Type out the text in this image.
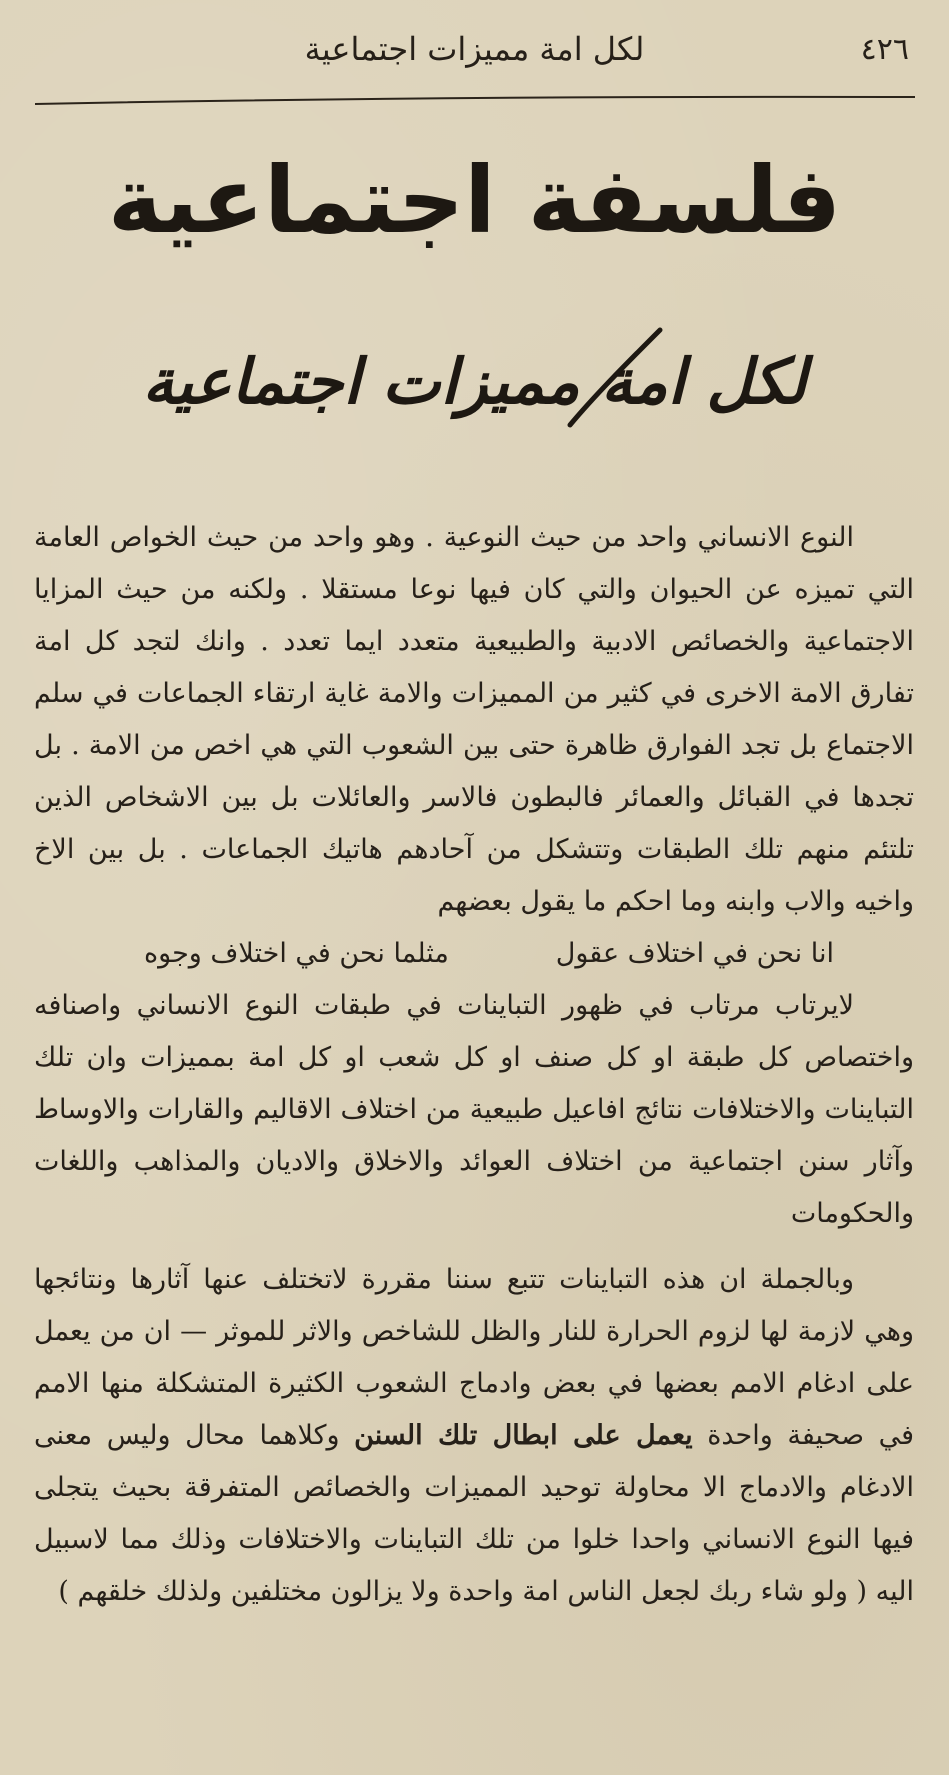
٤٢٦
لكل امة مميزات اجتماعية
فلسفة اجتماعية
لكل امة مميزات اجتماعية

النوع الانساني واحد من حيث النوعية . وهو واحد من حيث الخواص العامة التي تميزه عن الحيوان والتي كان فيها نوعا مستقلا . ولكنه من حيث المزايا الاجتماعية والخصائص الادبية والطبيعية متعدد ايما تعدد . وانك لتجد كل امة تفارق الامة الاخرى في كثير من المميزات والامة غاية ارتقاء الجماعات في سلم الاجتماع بل تجد الفوارق ظاهرة حتى بين الشعوب التي هي اخص من الامة . بل تجدها في القبائل والعمائر فالبطون فالاسر والعائلات بل بين الاشخاص الذين تلتئم منهم تلك الطبقات وتتشكل من آحادهم هاتيك الجماعات . بل بين الاخ واخيه والاب وابنه وما احكم ما يقول بعضهم

انا نحن في اختلاف عقول
مثلما نحن في اختلاف وجوه

لايرتاب مرتاب في ظهور التباينات في طبقات النوع الانساني واصنافه واختصاص كل طبقة او كل صنف او كل شعب او كل امة بمميزات وان تلك التباينات والاختلافات نتائج افاعيل طبيعية من اختلاف الاقاليم والقارات والاوساط وآثار سنن اجتماعية من اختلاف العوائد والاخلاق والاديان والمذاهب واللغات والحكومات

وبالجملة ان هذه التباينات تتبع سننا مقررة لاتختلف عنها آثارها ونتائجها وهي لازمة لها لزوم الحرارة للنار والظل للشاخص والاثر للموثر — ان من يعمل على ادغام الامم بعضها في بعض وادماج الشعوب الكثيرة المتشكلة منها الامم في صحيفة واحدة يعمل على ابطال تلك السنن وكلاهما محال وليس معنى الادغام والادماج الا محاولة توحيد المميزات والخصائص المتفرقة بحيث يتجلى فيها النوع الانساني واحدا خلوا من تلك التباينات والاختلافات وذلك مما لاسبيل اليه ( ولو شاء ربك لجعل الناس امة واحدة ولا يزالون مختلفين ولذلك خلقهم )
